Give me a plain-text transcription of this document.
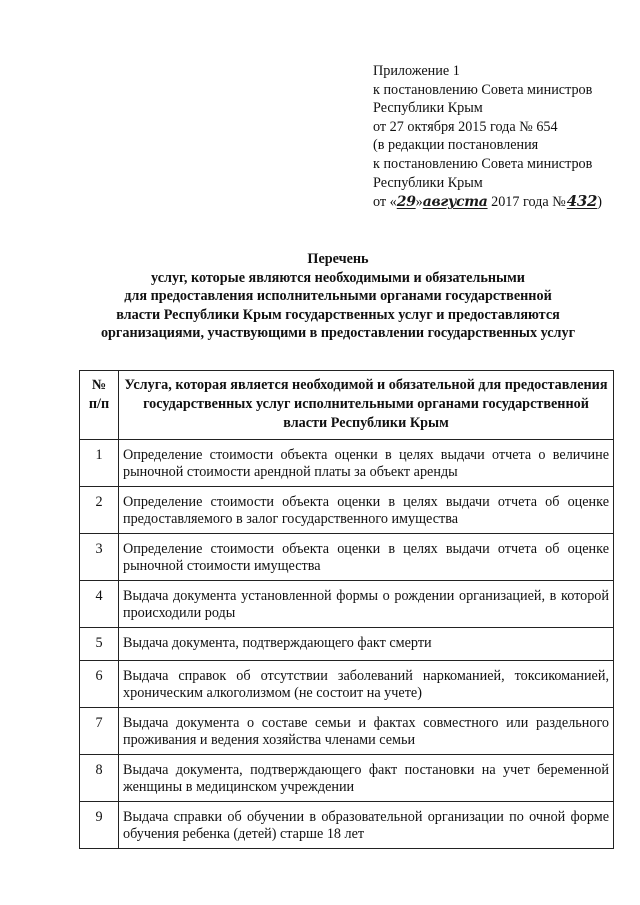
Приложение 1
к постановлению Совета министров
Республики Крым
от 27 октября 2015 года № 654
(в редакции постановления
к постановлению Совета министров
Республики Крым
от «29»августа 2017 года №432)
Перечень
услуг, которые являются необходимыми и обязательными
для предоставления исполнительными органами государственной
власти Республики Крым государственных услуг и предоставляются
организациями, участвующими в предоставлении государственных услуг
№
п/п	Услуга, которая является необходимой и обязательной для предоставления государственных услуг исполнительными органами государственной власти Республики Крым
1	Определение стоимости объекта оценки в целях выдачи отчета о величине рыночной стоимости арендной платы за объект аренды
2	Определение стоимости объекта оценки в целях выдачи отчета об оценке предоставляемого в залог государственного имущества
3	Определение стоимости объекта оценки в целях выдачи отчета об оценке рыночной стоимости имущества
4	Выдача документа установленной формы о рождении организацией, в которой происходили роды
5	Выдача документа, подтверждающего факт смерти
6	Выдача справок об отсутствии заболеваний наркоманией, токсикоманией, хроническим алкоголизмом (не состоит на учете)
7	Выдача документа о составе семьи и фактах совместного или раздельного проживания и ведения хозяйства членами семьи
8	Выдача документа, подтверждающего факт постановки на учет беременной женщины в медицинском учреждении
9	Выдача справки об обучении в образовательной организации по очной форме обучения ребенка (детей) старше 18 лет
